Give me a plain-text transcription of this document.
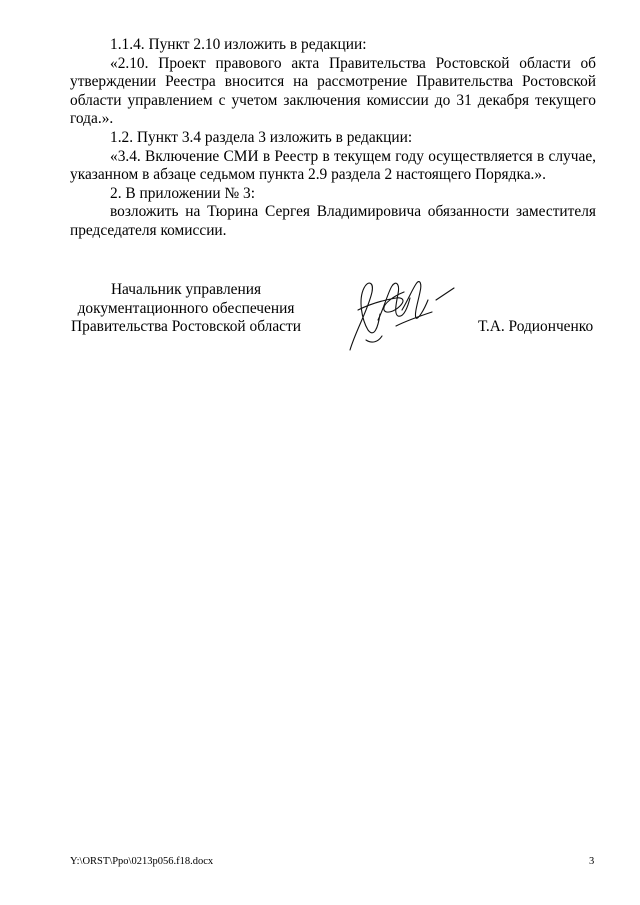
1.1.4. Пункт 2.10 изложить в редакции:

«2.10. Проект правового акта Правительства Ростовской области об утверждении Реестра вносится на рассмотрение Правительства Ростовской области управлением с учетом заключения комиссии до 31 декабря текущего года.».

1.2. Пункт 3.4 раздела 3 изложить в редакции:

«3.4. Включение СМИ в Реестр в текущем году осуществляется в случае, указанном в абзаце седьмом пункта 2.9 раздела 2 настоящего Порядка.».

2. В приложении № 3:

возложить на Тюрина Сергея Владимировича обязанности заместителя председателя комиссии.

Начальник управления
документационного обеспечения
Правительства Ростовской области	Т.А. Родионченко
Y:\ORST\Ppo\0213p056.f18.docx	3
